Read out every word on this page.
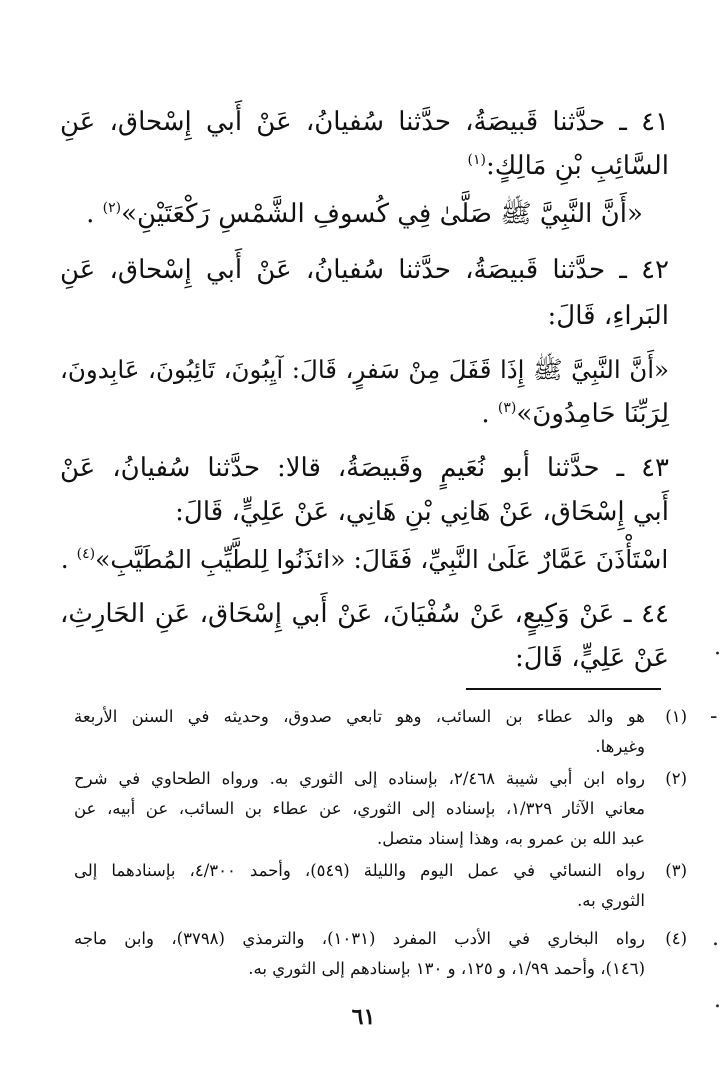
٤١ ـ حدَّثنا قَبيصَةُ، حدَّثنا سُفيانُ، عَنْ أَبي إِسْحاق، عَنِ

السَّائِبِ بْنِ مَالِكٍ:$^{(١)}$

«أَنَّ النَّبِيَّ ﷺ صَلَّىٰ فِي كُسوفِ الشَّمْسِ رَكْعَتَيْنِ»$^{(٢)}$ .

٤٢ ـ حدَّثنا قَبيصَةُ، حدَّثنا سُفيانُ، عَنْ أَبي إِسْحاق، عَنِ

البَراءِ، قَالَ:

«أَنَّ النَّبِيَّ ﷺ إِذَا قَفَلَ مِنْ سَفرٍ، قَالَ: آيِبُونَ، تَائِبُونَ، عَابِدونَ،

لِرَبِّنَا حَامِدُونَ»$^{(٣)}$ .

٤٣ ـ حدَّثنا أبو نُعَيمٍ وقَبيصَةُ، قالا: حدَّثنا سُفيانُ، عَنْ

أَبي إِسْحَاق، عَنْ هَانِي بْنِ هَانِي، عَنْ عَلِيٍّ، قَالَ:

اسْتَأْذَنَ عَمَّارٌ عَلَىٰ النَّبِيِّ، فَقَالَ: «ائذَنُوا لِلطَّيِّبِ المُطَيَّبِ»$^{(٤)}$ .

٤٤ ـ عَنْ وَكِيعٍ، عَنْ سُفْيَانَ، عَنْ أَبي إِسْحَاق، عَنِ الحَارِثِ،

عَنْ عَلِيٍّ، قَالَ:

(١)
هو والد عطاء بن السائب، وهو تابعي صدوق، وحديثه في السنن الأربعة
وغيرها.
(٢)
رواه ابن أبي شيبة ٢/٤٦٨، بإسناده إلى الثوري به. ورواه الطحاوي في شرح
معاني الآثار ١/٣٢٩، بإسناده إلى الثوري، عن عطاء بن السائب، عن أبيه، عن
عبد الله بن عمرو به، وهذا إسناد متصل.
(٣)
رواه النسائي في عمل اليوم والليلة (٥٤٩)، وأحمد ٤/٣٠٠، بإسنادهما إلى
الثوري به.
(٤)
رواه البخاري في الأدب المفرد (١٠٣١)، والترمذي (٣٧٩٨)، وابن ماجه
(١٤٦)، وأحمد ١/٩٩، و ١٢٥، و ١٣٠ بإسنادهم إلى الثوري به.
٦١
-
.
.
·
